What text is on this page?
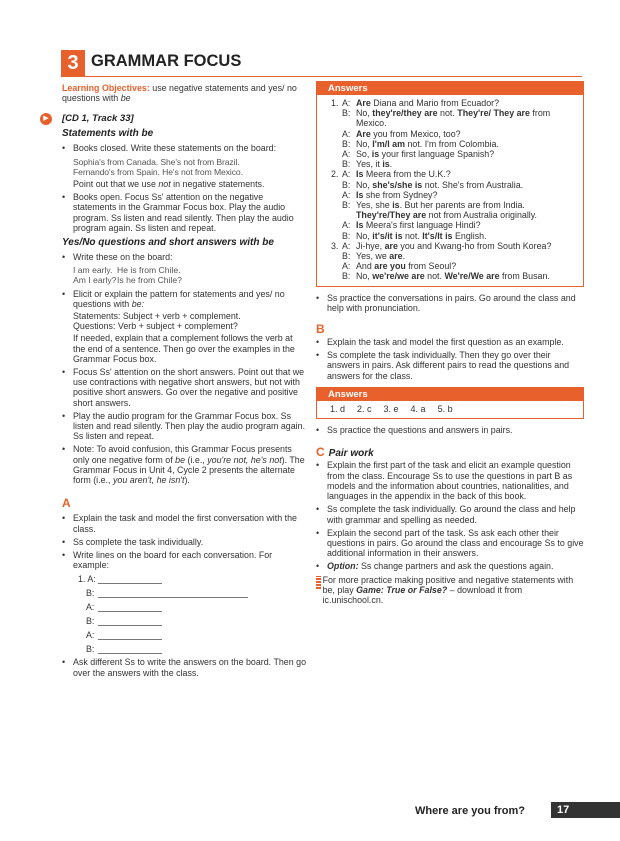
3 GRAMMAR FOCUS

Learning Objectives: use negative statements and yes/ no questions with be

▶	[CD 1, Track 33]
Statements with be
• Books closed. Write these statements on the board:
Sophia's from Canada. She's not from Brazil.
Fernando's from Spain. He's not from Mexico.
Point out that we use not in negative statements.
• Books open. Focus Ss' attention on the negative statements in the Grammar Focus box. Play the audio program. Ss listen and read silently. Then play the audio program again. Ss listen and repeat.
Yes/No questions and short answers with be
• Write these on the board:
I am early. He is from Chile.
Am I early? Is he from Chile?
• Elicit or explain the pattern for statements and yes/ no questions with be:
Statements: Subject + verb + complement.
Questions: Verb + subject + complement?
If needed, explain that a complement follows the verb at the end of a sentence. Then go over the examples in the Grammar Focus box.
• Focus Ss' attention on the short answers. Point out that we use contractions with negative short answers, but not with positive short answers. Go over the negative and positive short answers.
• Play the audio program for the Grammar Focus box. Ss listen and read silently. Then play the audio program again. Ss listen and repeat.
• Note: To avoid confusion, this Grammar Focus presents only one negative form of be (i.e., you're not, he's not). The Grammar Focus in Unit 4, Cycle 2 presents the alternate form (i.e., you aren't, he isn't).
A
• Explain the task and model the first conversation with the class.
• Ss complete the task individually.
• Write lines on the board for each conversation. For example:
1. A:
B:
A:
B:
A:
B:
• Ask different Ss to write the answers on the board. Then go over the answers with the class.
Answers
1. A: Are Diana and Mario from Ecuador?
B: No, they're/they are not. They're/ They are from Mexico.
A: Are you from Mexico, too?
B: No, I'm/I am not. I'm from Colombia.
A: So, is your first language Spanish?
B: Yes, it is.
2. A: Is Meera from the U.K.?
B: No, she's/she is not. She's from Australia.
A: Is she from Sydney?
B: Yes, she is. But her parents are from India. They're/They are not from Australia originally.
A: Is Meera's first language Hindi?
B: No, it's/it is not. It's/It is English.
3. A: Ji-hye, are you and Kwang-ho from South Korea?
B: Yes, we are.
A: And are you from Seoul?
B: No, we're/we are not. We're/We are from Busan.
• Ss practice the conversations in pairs. Go around the class and help with pronunciation.
B
• Explain the task and model the first question as an example.
• Ss complete the task individually. Then they go over their answers in pairs. Ask different pairs to read the questions and answers for the class.
Answers
1. d 2. c 3. e 4. a 5. b
• Ss practice the questions and answers in pairs.
C Pair work
• Explain the first part of the task and elicit an example question from the class. Encourage Ss to use the questions in part B as models and the information about countries, nationalities, and languages in the appendix in the back of this book.
• Ss complete the task individually. Go around the class and help with grammar and spelling as needed.
• Explain the second part of the task. Ss ask each other their questions in pairs. Go around the class and encourage Ss to give additional information in their answers.
• Option: Ss change partners and ask the questions again.
For more practice making positive and negative statements with be, play Game: True or False? – download it from ic.unischool.cn.
Where are you from?	17
